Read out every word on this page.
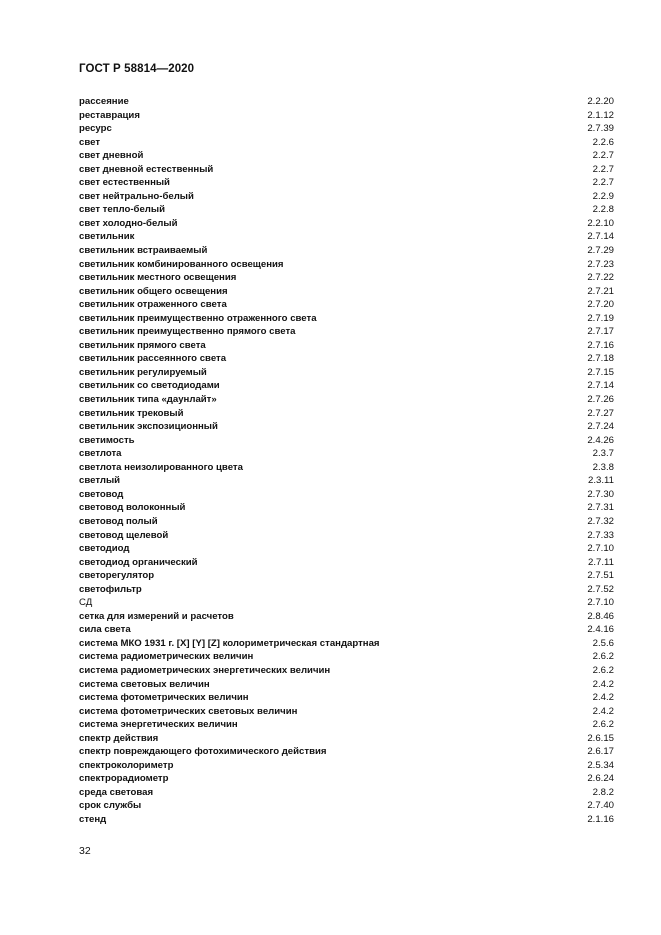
ГОСТ Р 58814—2020
рассеяние	2.2.20
реставрация	2.1.12
ресурс	2.7.39
свет	2.2.6
свет дневной	2.2.7
свет дневной естественный	2.2.7
свет естественный	2.2.7
свет нейтрально-белый	2.2.9
свет тепло-белый	2.2.8
свет холодно-белый	2.2.10
светильник	2.7.14
светильник встраиваемый	2.7.29
светильник комбинированного освещения	2.7.23
светильник местного освещения	2.7.22
светильник общего освещения	2.7.21
светильник отраженного света	2.7.20
светильник преимущественно отраженного света	2.7.19
светильник преимущественно прямого света	2.7.17
светильник прямого света	2.7.16
светильник рассеянного света	2.7.18
светильник регулируемый	2.7.15
светильник со светодиодами	2.7.14
светильник типа «даунлайт»	2.7.26
светильник трековый	2.7.27
светильник экспозиционный	2.7.24
светимость	2.4.26
светлота	2.3.7
светлота неизолированного цвета	2.3.8
светлый	2.3.11
световод	2.7.30
световод волоконный	2.7.31
световод полый	2.7.32
световод щелевой	2.7.33
светодиод	2.7.10
светодиод органический	2.7.11
светорегулятор	2.7.51
светофильтр	2.7.52
СД	2.7.10
сетка для измерений и расчетов	2.8.46
сила света	2.4.16
система МКО 1931 г. [X] [Y] [Z] колориметрическая стандартная	2.5.6
система радиометрических величин	2.6.2
система радиометрических энергетических величин	2.6.2
система световых величин	2.4.2
система фотометрических величин	2.4.2
система фотометрических световых величин	2.4.2
система энергетических величин	2.6.2
спектр действия	2.6.15
спектр повреждающего фотохимического действия	2.6.17
спектроколориметр	2.5.34
спектрорадиометр	2.6.24
среда световая	2.8.2
срок службы	2.7.40
стенд	2.1.16
32
